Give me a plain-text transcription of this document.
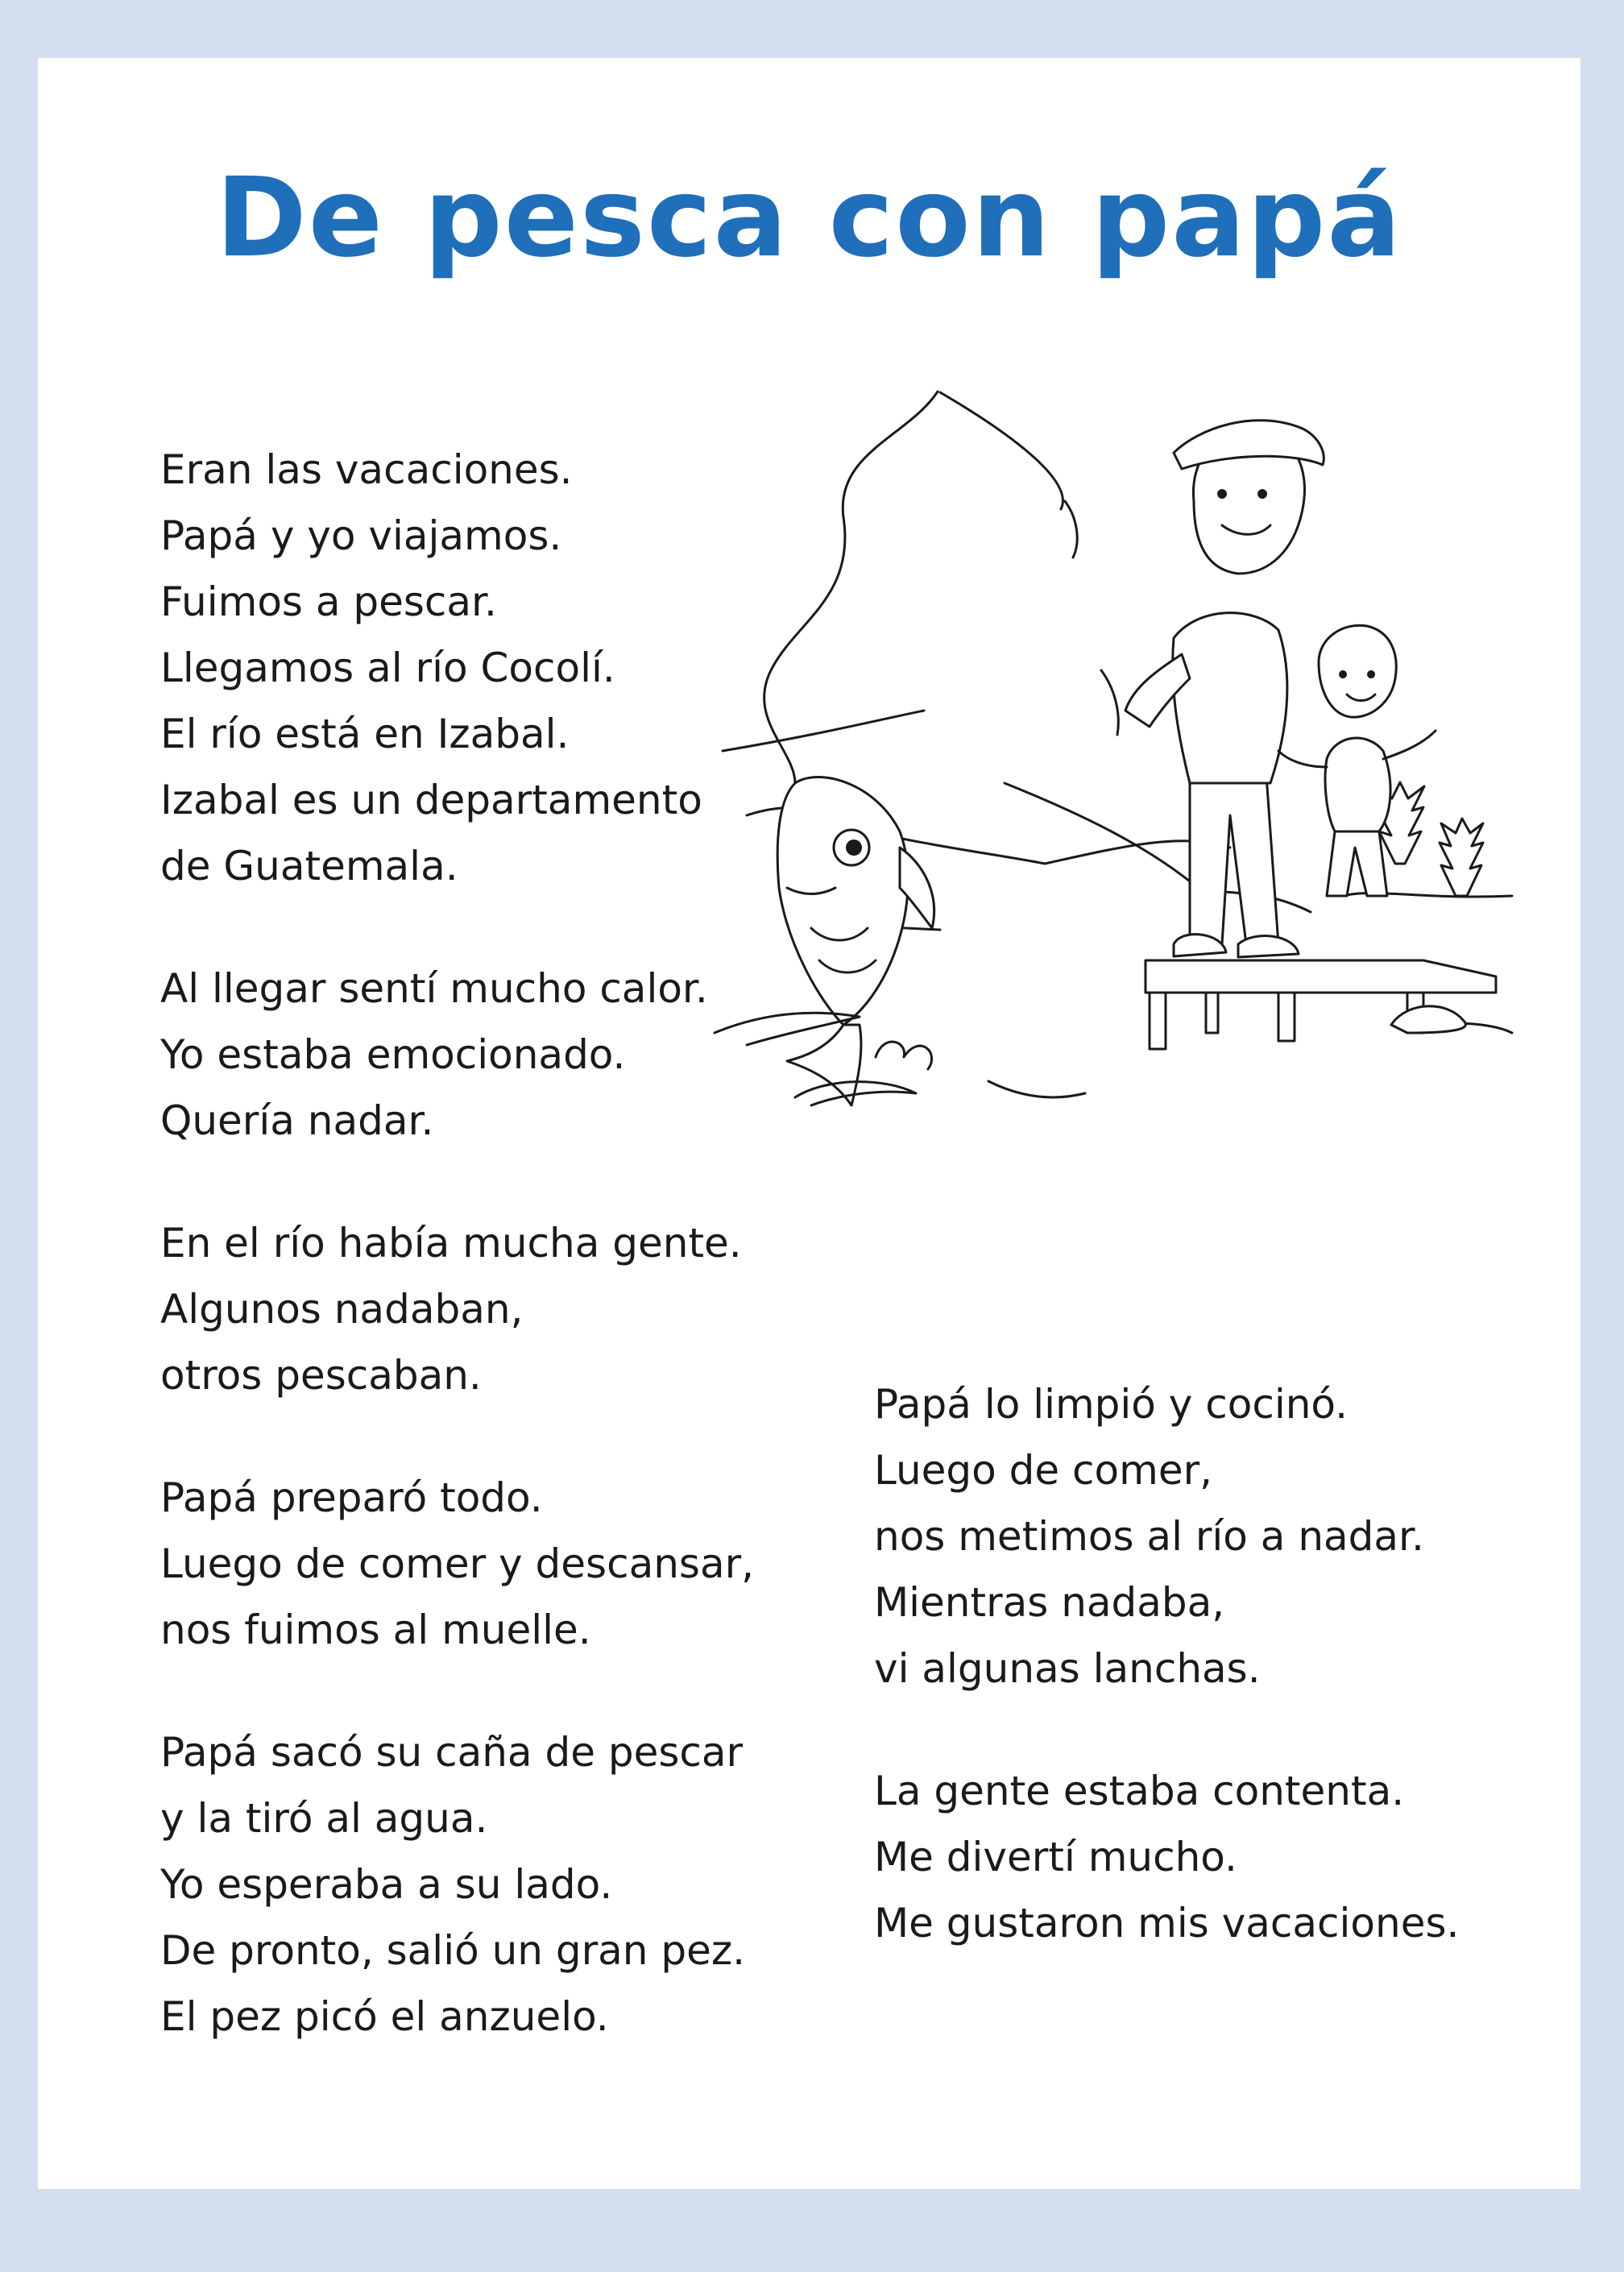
De pesca con papá
Eran las vacaciones.
Papá y yo viajamos.
Fuimos a pescar.
Llegamos al río Cocolí.
El río está en Izabal.
Izabal es un departamento
de Guatemala.
Al llegar sentí mucho calor.
Yo estaba emocionado.
Quería nadar.
En el río había mucha gente.
Algunos nadaban,
otros pescaban.
Papá preparó todo.
Luego de comer y descansar,
nos fuimos al muelle.
Papá sacó su caña de pescar
y la tiró al agua.
Yo esperaba a su lado.
De pronto, salió un gran pez.
El pez picó el anzuelo.
Papá lo limpió y cocinó.
Luego de comer,
nos metimos al río a nadar.
Mientras nadaba,
vi algunas lanchas.
La gente estaba contenta.
Me divertí mucho.
Me gustaron mis vacaciones.
